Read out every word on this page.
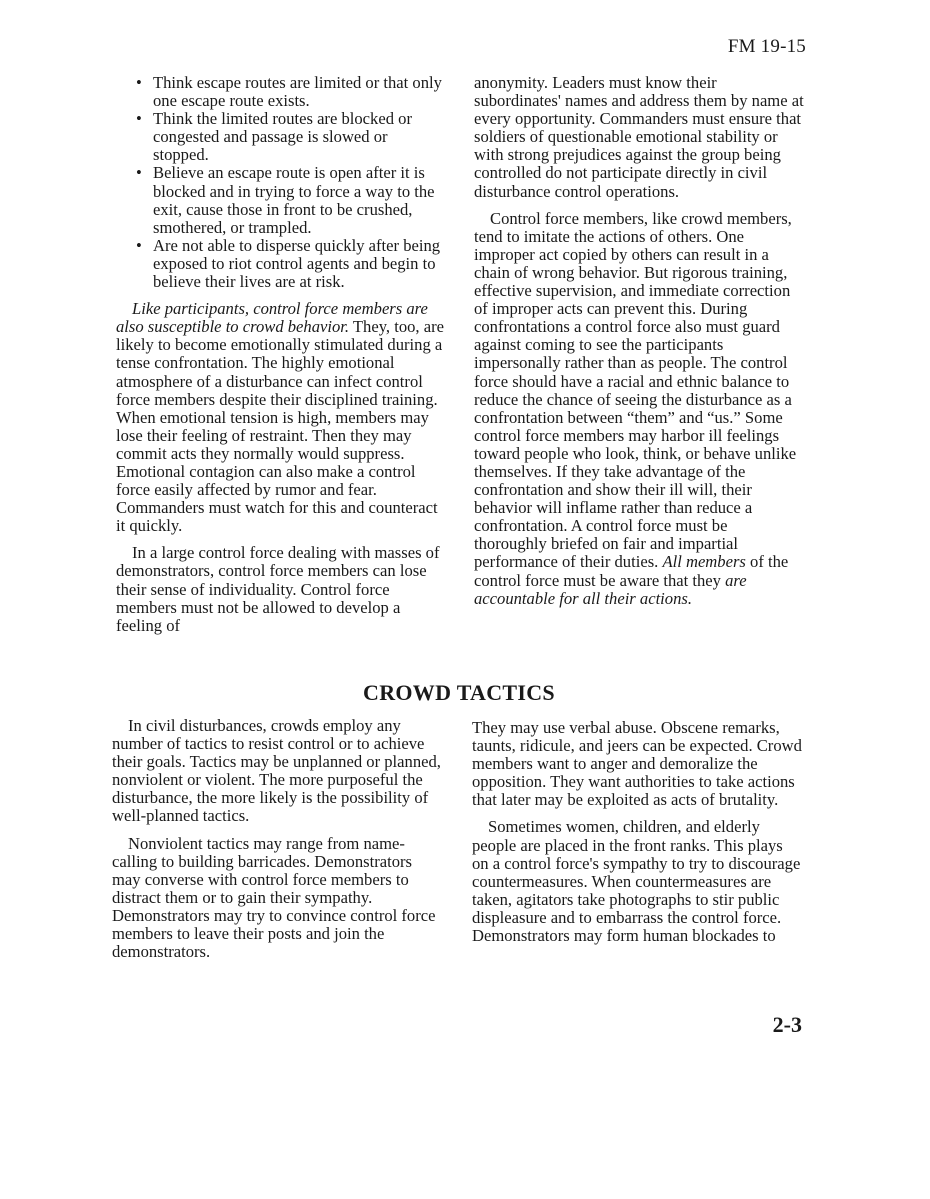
FM 19-15
• Think escape routes are limited or that only one escape route exists.
• Think the limited routes are blocked or congested and passage is slowed or stopped.
• Believe an escape route is open after it is blocked and in trying to force a way to the exit, cause those in front to be crushed, smothered, or trampled.
• Are not able to disperse quickly after being exposed to riot control agents and begin to believe their lives are at risk.

Like participants, control force members are also susceptible to crowd behavior. They, too, are likely to become emotionally stimulated during a tense confrontation. The highly emotional atmosphere of a disturbance can infect control force members despite their disciplined training. When emotional tension is high, members may lose their feeling of restraint. Then they may commit acts they normally would suppress. Emotional contagion can also make a control force easily affected by rumor and fear. Commanders must watch for this and counteract it quickly.

In a large control force dealing with masses of demonstrators, control force members can lose their sense of individuality. Control force members must not be allowed to develop a feeling of

anonymity. Leaders must know their subordinates' names and address them by name at every opportunity. Commanders must ensure that soldiers of questionable emotional stability or with strong prejudices against the group being controlled do not participate directly in civil disturbance control operations.

Control force members, like crowd members, tend to imitate the actions of others. One improper act copied by others can result in a chain of wrong behavior. But rigorous training, effective supervision, and immediate correction of improper acts can prevent this. During confrontations a control force also must guard against coming to see the participants impersonally rather than as people. The control force should have a racial and ethnic balance to reduce the chance of seeing the disturbance as a confrontation between “them” and “us.” Some control force members may harbor ill feelings toward people who look, think, or behave unlike themselves. If they take advantage of the confrontation and show their ill will, their behavior will inflame rather than reduce a confrontation. A control force must be thoroughly briefed on fair and impartial performance of their duties. All members of the control force must be aware that they are accountable for all their actions.

CROWD TACTICS

In civil disturbances, crowds employ any number of tactics to resist control or to achieve their goals. Tactics may be unplanned or planned, nonviolent or violent. The more purposeful the disturbance, the more likely is the possibility of well-planned tactics.

Nonviolent tactics may range from name-calling to building barricades. Demonstrators may converse with control force members to distract them or to gain their sympathy. Demonstrators may try to convince control force members to leave their posts and join the demonstrators.

They may use verbal abuse. Obscene remarks, taunts, ridicule, and jeers can be expected. Crowd members want to anger and demoralize the opposition. They want authorities to take actions that later may be exploited as acts of brutality.

Sometimes women, children, and elderly people are placed in the front ranks. This plays on a control force's sympathy to try to discourage countermeasures. When countermeasures are taken, agitators take photographs to stir public displeasure and to embarrass the control force. Demonstrators may form human blockades to

2-3
